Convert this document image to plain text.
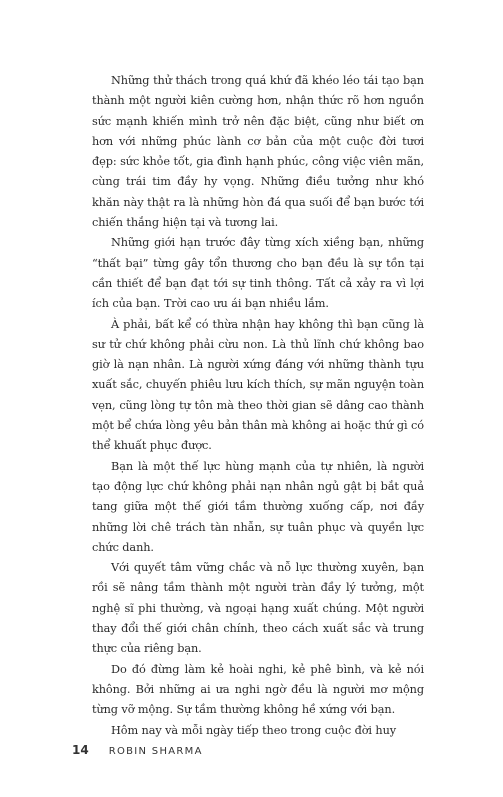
Những thử thách trong quá khứ đã khéo léo tái tạo bạn thành một người kiên cường hơn, nhận thức rõ hơn nguồn sức mạnh khiến mình trở nên đặc biệt, cũng như biết ơn hơn với những phúc lành cơ bản của một cuộc đời tươi đẹp: sức khỏe tốt, gia đình hạnh phúc, công việc viên mãn, cùng trái tim đầy hy vọng. Những điều tưởng như khó khăn này thật ra là những hòn đá qua suối để bạn bước tới chiến thắng hiện tại và tương lai.

Những giới hạn trước đây từng xích xiềng bạn, những “thất bại” từng gây tổn thương cho bạn đều là sự tồn tại cần thiết để bạn đạt tới sự tinh thông. Tất cả xảy ra vì lợi ích của bạn. Trời cao ưu ái bạn nhiều lắm.

À phải, bất kể có thừa nhận hay không thì bạn cũng là sư tử chứ không phải cừu non. Là thủ lĩnh chứ không bao giờ là nạn nhân. Là người xứng đáng với những thành tựu xuất sắc, chuyến phiêu lưu kích thích, sự mãn nguyện toàn vẹn, cũng lòng tự tôn mà theo thời gian sẽ dâng cao thành một bể chứa lòng yêu bản thân mà không ai hoặc thứ gì có thể khuất phục được.

Bạn là một thế lực hùng mạnh của tự nhiên, là người tạo động lực chứ không phải nạn nhân ngủ gật bị bắt quả tang giữa một thế giới tầm thường xuống cấp, nơi đầy những lời chê trách tàn nhẫn, sự tuân phục và quyền lực chức danh.

Với quyết tâm vững chắc và nỗ lực thường xuyên, bạn rồi sẽ nâng tầm thành một người tràn đầy lý tưởng, một nghệ sĩ phi thường, và ngoại hạng xuất chúng. Một người thay đổi thế giới chân chính, theo cách xuất sắc và trung thực của riêng bạn.

Do đó đừng làm kẻ hoài nghi, kẻ phê bình, và kẻ nói không. Bởi những ai ưa nghi ngờ đều là người mơ mộng từng vỡ mộng. Sự tầm thường không hề xứng với bạn.

Hôm nay và mỗi ngày tiếp theo trong cuộc đời huy

14 ROBIN SHARMA
